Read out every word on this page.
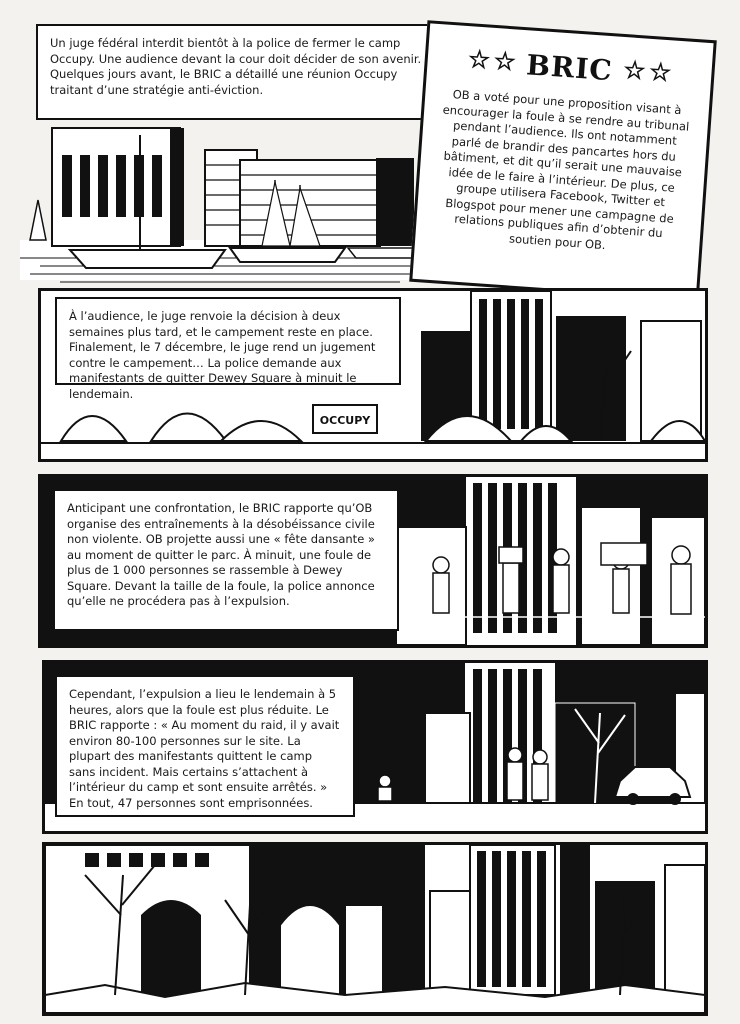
Un juge fédéral interdit bientôt à la police de fermer le camp Occupy. Une audience devant la cour doit décider de son avenir. Quelques jours avant, le BRIC a détaillé une réunion Occupy traitant d’une stratégie anti-éviction.
★ ★ BRIC ★ ★
OB a voté pour une proposition visant à encourager la foule à se rendre au tribunal pendant l’audience. Ils ont notamment parlé de brandir des pancartes hors du bâtiment, et dit qu’il serait une mauvaise idée de le faire à l’intérieur. De plus, ce groupe utilisera Facebook, Twitter et Blogspot pour mener une campagne de relations publiques afin d’obtenir du soutien pour OB.
OCCUPY
À l’audience, le juge renvoie la décision à deux semaines plus tard, et le campement reste en place. Finalement, le 7 décembre, le juge rend un jugement contre le campement… La police demande aux manifestants de quitter Dewey Square à minuit le lendemain.
Anticipant une confrontation, le BRIC rapporte qu’OB organise des entraînements à la désobéissance civile non violente. OB projette aussi une « fête dansante » au moment de quitter le parc. À minuit, une foule de plus de 1 000 personnes se rassemble à Dewey Square. Devant la taille de la foule, la police annonce qu’elle ne procédera pas à l’expulsion.
Cependant, l’expulsion a lieu le lendemain à 5 heures, alors que la foule est plus réduite. Le BRIC rapporte : « Au moment du raid, il y avait environ 80-100 personnes sur le site. La plupart des manifestants quittent le camp sans incident. Mais certains s’attachent à l’intérieur du camp et sont ensuite arrêtés. » En tout, 47 personnes sont emprisonnées.
